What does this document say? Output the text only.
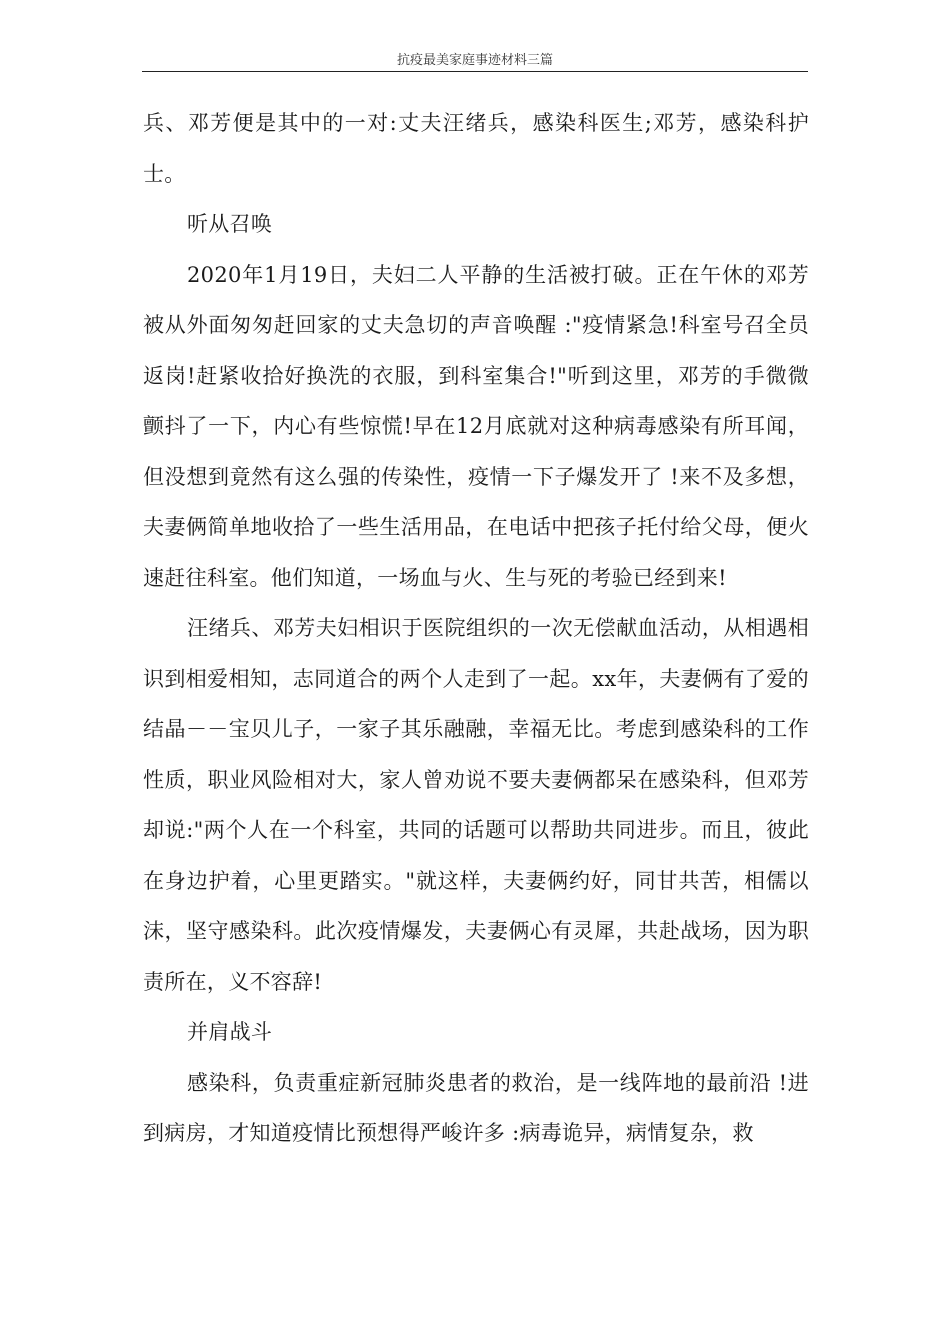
抗疫最美家庭事迹材料三篇

兵、邓芳便是其中的一对:丈夫汪绪兵，感染科医生;邓芳，感染科护士。

听从召唤

2020年1月19日，夫妇二人平静的生活被打破。正在午休的邓芳被从外面匆匆赶回家的丈夫急切的声音唤醒 :"疫情紧急!科室号召全员返岗!赶紧收拾好换洗的衣服，到科室集合!"听到这里，邓芳的手微微颤抖了一下，内心有些惊慌!早在12月底就对这种病毒感染有所耳闻，但没想到竟然有这么强的传染性，疫情一下子爆发开了 !来不及多想，夫妻俩简单地收拾了一些生活用品，在电话中把孩子托付给父母，便火速赶往科室。他们知道，一场血与火、生与死的考验已经到来!

汪绪兵、邓芳夫妇相识于医院组织的一次无偿献血活动，从相遇相识到相爱相知，志同道合的两个人走到了一起。xx年，夫妻俩有了爱的结晶－－宝贝儿子，一家子其乐融融，幸福无比。考虑到感染科的工作性质，职业风险相对大，家人曾劝说不要夫妻俩都呆在感染科，但邓芳却说:"两个人在一个科室，共同的话题可以帮助共同进步。而且，彼此在身边护着，心里更踏实。"就这样，夫妻俩约好，同甘共苦，相儒以沫，坚守感染科。此次疫情爆发，夫妻俩心有灵犀，共赴战场，因为职责所在，义不容辞!

并肩战斗

感染科，负责重症新冠肺炎患者的救治，是一线阵地的最前沿 !进到病房，才知道疫情比预想得严峻许多 :病毒诡异，病情复杂，救
